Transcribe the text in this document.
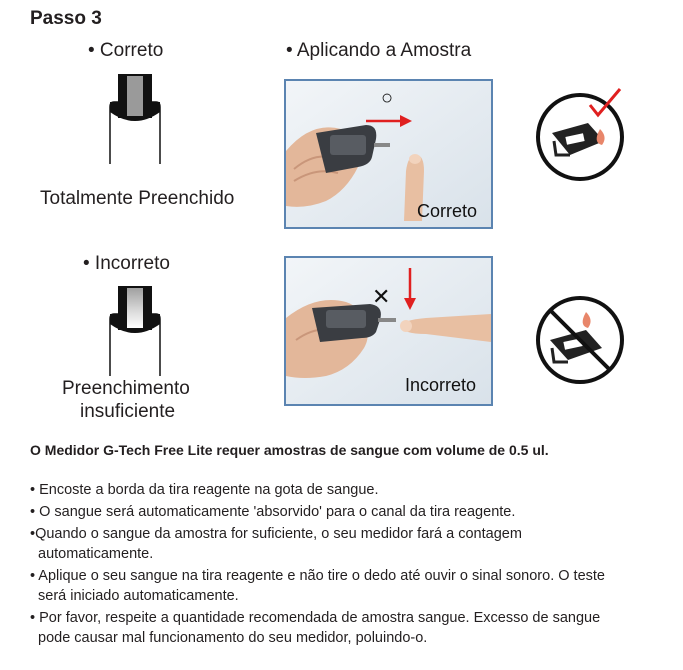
Passo 3
• Correto
Totalmente Preenchido
• Aplicando a Amostra
○
Correto
• Incorreto
Preenchimento
insuficiente
✕
Incorreto
O Medidor G-Tech Free Lite requer amostras de sangue com volume de 0.5 ul.
• Encoste a borda da tira reagente na gota de sangue.
• O sangue será automaticamente 'absorvido' para o canal da tira reagente.
•Quando o sangue da amostra for suficiente, o seu medidor fará a contagem
automaticamente.
• Aplique o seu sangue na tira reagente e não tire o dedo até ouvir o sinal sonoro. O teste
será iniciado automaticamente.
• Por favor, respeite a quantidade recomendada de amostra sangue. Excesso de sangue
pode causar mal funcionamento do seu medidor, poluindo-o.
